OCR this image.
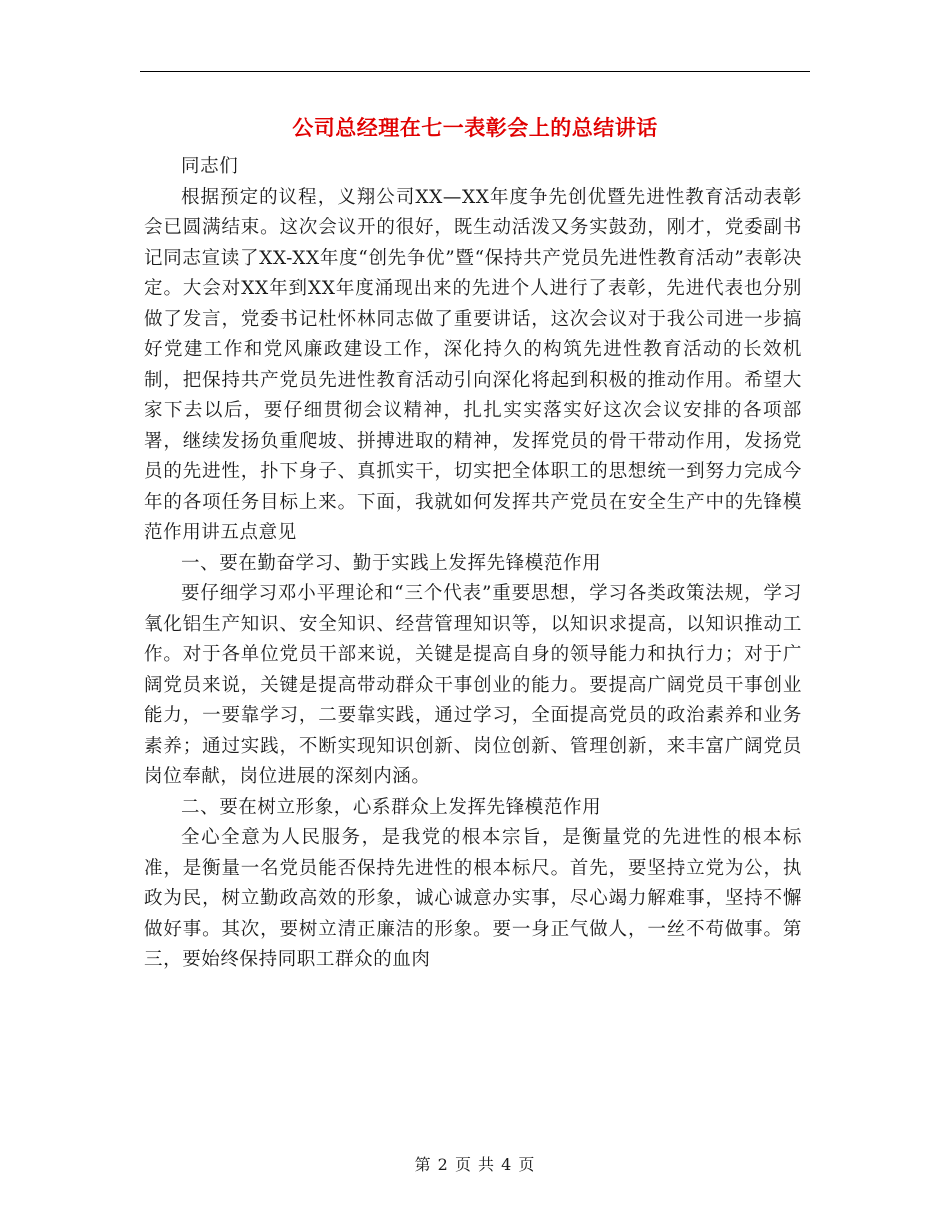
公司总经理在七一表彰会上的总结讲话

同志们

根据预定的议程，义翔公司XX—XX年度争先创优暨先进性教育活动表彰会已圆满结束。这次会议开的很好，既生动活泼又务实鼓劲，刚才，党委副书记同志宣读了XX-XX年度“创先争优”暨“保持共产党员先进性教育活动”表彰决定。大会对XX年到XX年度涌现出来的先进个人进行了表彰，先进代表也分别做了发言，党委书记杜怀林同志做了重要讲话，这次会议对于我公司进一步搞好党建工作和党风廉政建设工作，深化持久的构筑先进性教育活动的长效机制，把保持共产党员先进性教育活动引向深化将起到积极的推动作用。希望大家下去以后，要仔细贯彻会议精神，扎扎实实落实好这次会议安排的各项部署，继续发扬负重爬坡、拼搏进取的精神，发挥党员的骨干带动作用，发扬党员的先进性，扑下身子、真抓实干，切实把全体职工的思想统一到努力完成今年的各项任务目标上来。下面，我就如何发挥共产党员在安全生产中的先锋模范作用讲五点意见

一、要在勤奋学习、勤于实践上发挥先锋模范作用

要仔细学习邓小平理论和“三个代表”重要思想，学习各类政策法规，学习氧化铝生产知识、安全知识、经营管理知识等，以知识求提高，以知识推动工作。对于各单位党员干部来说，关键是提高自身的领导能力和执行力；对于广阔党员来说，关键是提高带动群众干事创业的能力。要提高广阔党员干事创业能力，一要靠学习，二要靠实践，通过学习，全面提高党员的政治素养和业务素养；通过实践，不断实现知识创新、岗位创新、管理创新，来丰富广阔党员岗位奉献，岗位进展的深刻内涵。

二、要在树立形象，心系群众上发挥先锋模范作用

全心全意为人民服务，是我党的根本宗旨，是衡量党的先进性的根本标准，是衡量一名党员能否保持先进性的根本标尺。首先，要坚持立党为公，执政为民，树立勤政高效的形象，诚心诚意办实事，尽心竭力解难事，坚持不懈做好事。其次，要树立清正廉洁的形象。要一身正气做人，一丝不苟做事。第三，要始终保持同职工群众的血肉

第 2 页 共 4 页
